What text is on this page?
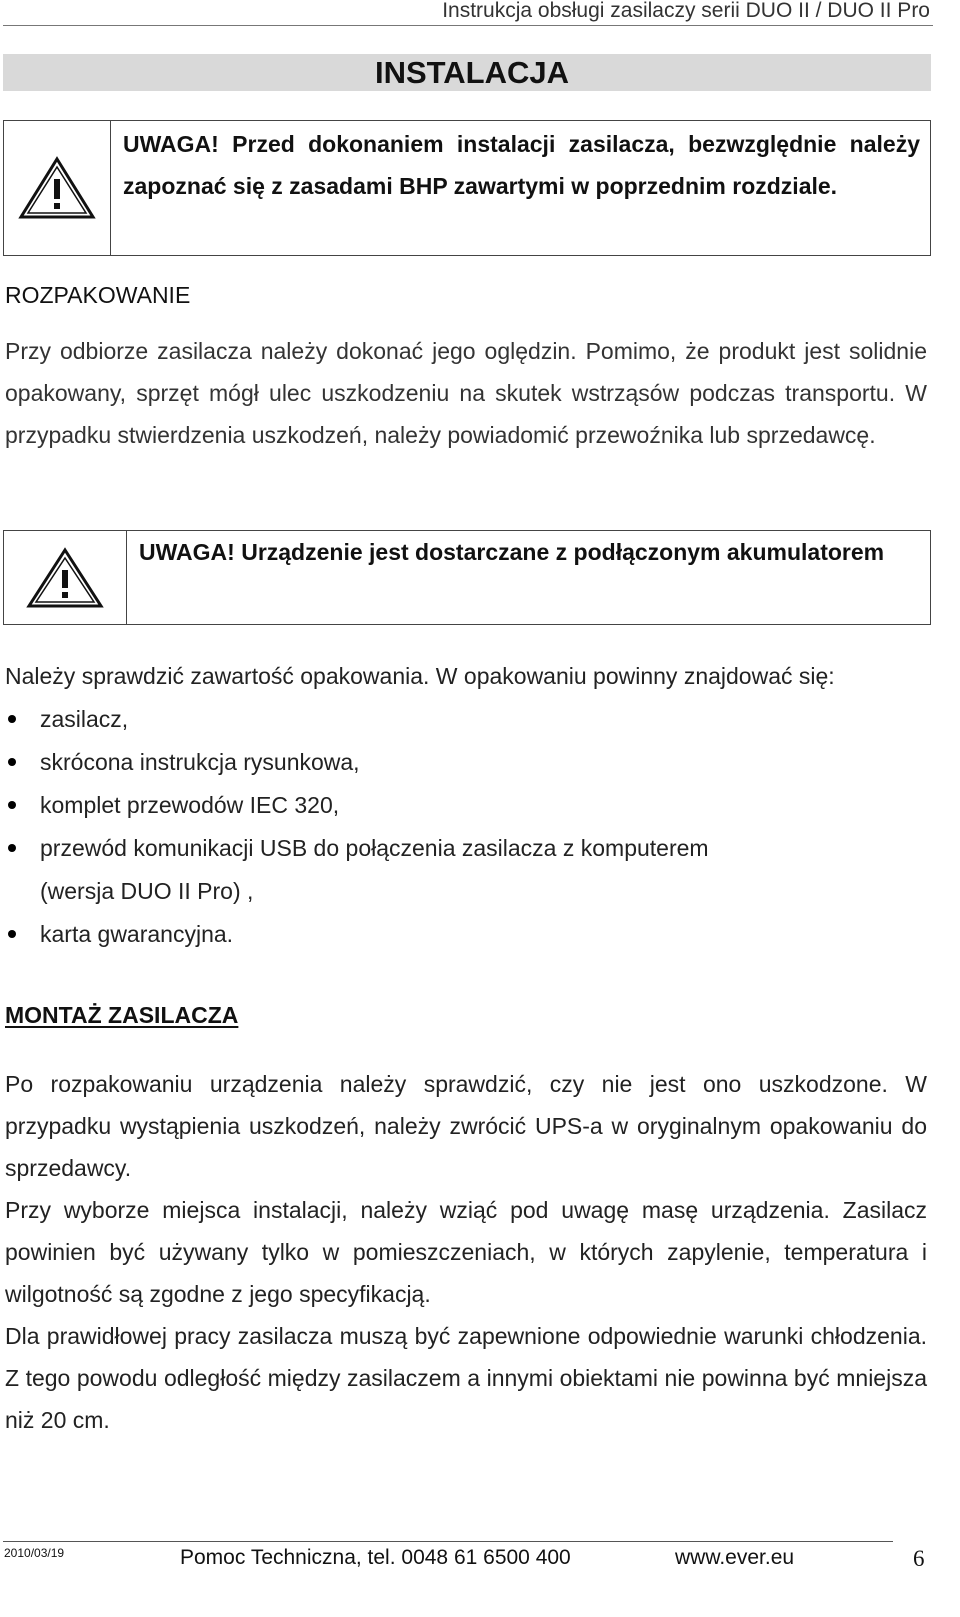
Instrukcja obsługi zasilaczy serii DUO II / DUO II Pro
INSTALACJA
UWAGA! Przed dokonaniem instalacji zasilacza, bezwzględnie należy zapoznać się z zasadami BHP zawartymi w poprzednim rozdziale.
ROZPAKOWANIE

Przy odbiorze zasilacza należy dokonać jego oględzin. Pomimo, że produkt jest solidnie opakowany, sprzęt mógł ulec uszkodzeniu na skutek wstrząsów podczas transportu. W przypadku stwierdzenia uszkodzeń, należy powiadomić przewoźnika lub sprzedawcę.

UWAGA! Urządzenie jest dostarczane z podłączonym akumulatorem

Należy sprawdzić zawartość opakowania. W opakowaniu powinny znajdować się:

zasilacz,
skrócona instrukcja rysunkowa,
komplet przewodów IEC 320,
przewód komunikacji USB do połączenia zasilacza z komputerem (wersja DUO II Pro) ,
karta gwarancyjna.
MONTAŻ ZASILACZA

Po rozpakowaniu urządzenia należy sprawdzić, czy nie jest ono uszkodzone. W przypadku wystąpienia uszkodzeń, należy zwrócić UPS-a w oryginalnym opakowaniu do sprzedawcy.

Przy wyborze miejsca instalacji, należy wziąć pod uwagę masę urządzenia. Zasilacz powinien być używany tylko w pomieszczeniach, w których zapylenie, temperatura i wilgotność są zgodne z jego specyfikacją.

Dla prawidłowej pracy zasilacza muszą być zapewnione odpowiednie warunki chłodzenia. Z tego powodu odległość między zasilaczem a innymi obiektami nie powinna być mniejsza niż 20 cm.

2010/03/19	Pomoc Techniczna, tel. 0048 61 6500 400	www.ever.eu	6
